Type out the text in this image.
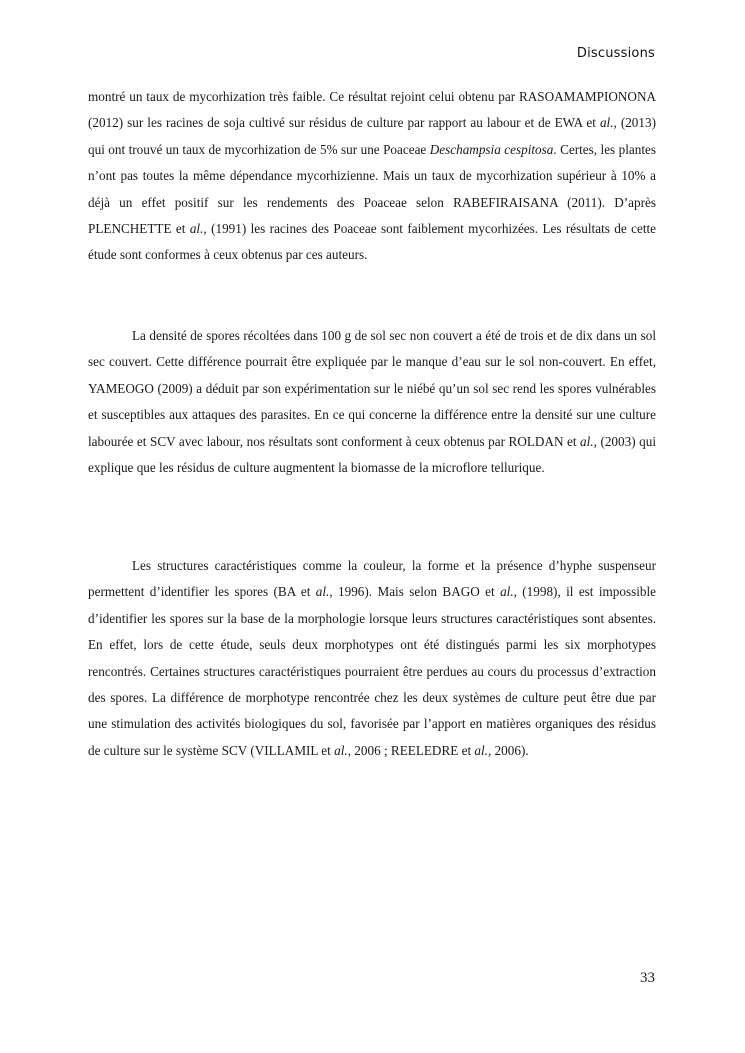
Discussions

montré un taux de mycorhization très faible. Ce résultat rejoint celui obtenu par RASOAMAMPIONONA (2012) sur les racines de soja cultivé sur résidus de culture par rapport au labour et de EWA et al., (2013) qui ont trouvé un taux de mycorhization de 5% sur une Poaceae Deschampsia cespitosa. Certes, les plantes n’ont pas toutes la même dépendance mycorhizienne. Mais un taux de mycorhization supérieur à 10% a déjà un effet positif sur les rendements des Poaceae selon RABEFIRAISANA (2011). D’après PLENCHETTE et al., (1991) les racines des Poaceae sont faiblement mycorhizées. Les résultats de cette étude sont conformes à ceux obtenus par ces auteurs.

La densité de spores récoltées dans 100 g de sol sec non couvert a été de trois et de dix dans un sol sec couvert. Cette différence pourrait être expliquée par le manque d’eau sur le sol non-couvert. En effet, YAMEOGO (2009) a déduit par son expérimentation sur le niébé qu’un sol sec rend les spores vulnérables et susceptibles aux attaques des parasites. En ce qui concerne la différence entre la densité sur une culture labourée et SCV avec labour, nos résultats sont conforment à ceux obtenus par ROLDAN et al., (2003) qui explique que les résidus de culture augmentent la biomasse de la microflore tellurique.

Les structures caractéristiques comme la couleur, la forme et la présence d’hyphe suspenseur permettent d’identifier les spores (BA et al., 1996). Mais selon BAGO et al., (1998), il est impossible d’identifier les spores sur la base de la morphologie lorsque leurs structures caractéristiques sont absentes. En effet, lors de cette étude, seuls deux morphotypes ont été distingués parmi les six morphotypes rencontrés. Certaines structures caractéristiques pourraient être perdues au cours du processus d’extraction des spores. La différence de morphotype rencontrée chez les deux systèmes de culture peut être due par une stimulation des activités biologiques du sol, favorisée par l’apport en matières organiques des résidus de culture sur le système SCV (VILLAMIL et al., 2006 ; REELEDRE et al., 2006).

33
